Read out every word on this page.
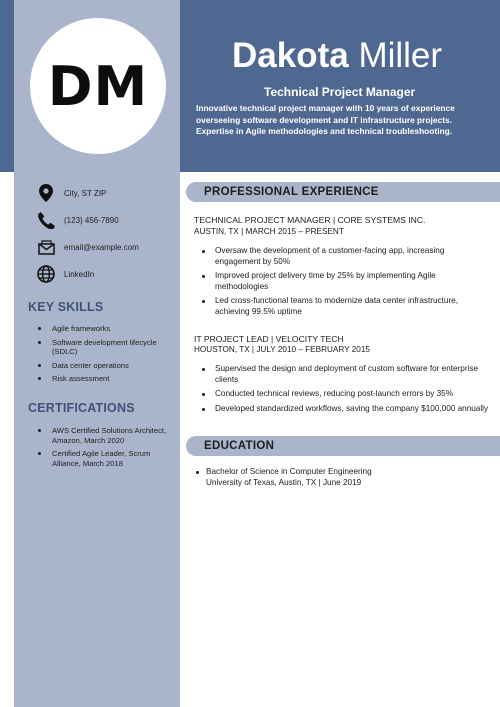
DM	Dakota Miller
Technical Project Manager
Innovative technical project manager with 10 years of experience overseeing software development and IT infrastructure projects. Expertise in Agile methodologies and technical troubleshooting.
City, ST ZIP
(123) 456-7890
email@example.com
LinkedIn
KEY SKILLS
Agile frameworks
Software development lifecycle (SDLC)
Data center operations
Risk assessment
CERTIFICATIONS
AWS Certified Solutions Architect, Amazon, March 2020
Certified Agile Leader, Scrum Alliance, March 2018
PROFESSIONAL EXPERIENCE
TECHNICAL PROJECT MANAGER | CORE SYSTEMS INC.
AUSTIN, TX | MARCH 2015 – PRESENT
Oversaw the development of a customer-facing app, increasing engagement by 50%
Improved project delivery time by 25% by implementing Agile methodologies
Led cross-functional teams to modernize data center infrastructure, achieving 99.5% uptime
IT PROJECT LEAD | VELOCITY TECH
HOUSTON, TX | JULY 2010 – FEBRUARY 2015
Supervised the design and deployment of custom software for enterprise clients
Conducted technical reviews, reducing post-launch errors by 35%
Developed standardized workflows, saving the company $100,000 annually
EDUCATION
Bachelor of Science in Computer Engineering
University of Texas, Austin, TX | June 2019
